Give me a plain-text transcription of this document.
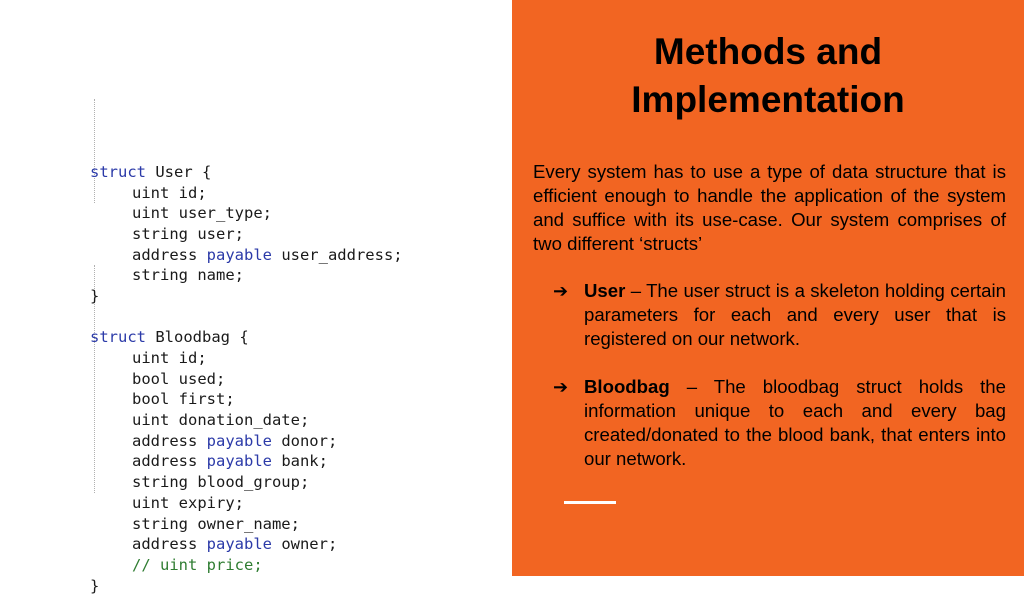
struct User {
uint id;
uint user_type;
string user;
address payable user_address;
string name;
}
struct Bloodbag {
uint id;
bool used;
bool first;
uint donation_date;
address payable donor;
address payable bank;
string blood_group;
uint expiry;
string owner_name;
address payable owner;
// uint price;
}
Methods and
Implementation

Every system has to use a type of data structure that is efficient enough to handle the application of the system and suffice with its use-case. Our system comprises of two different ‘structs’

➔ User – The user struct is a skeleton holding certain parameters for each and every user that is registered on our network.
➔ Bloodbag – The bloodbag struct holds the information unique to each and every bag created/donated to the blood bank, that enters into our network.
